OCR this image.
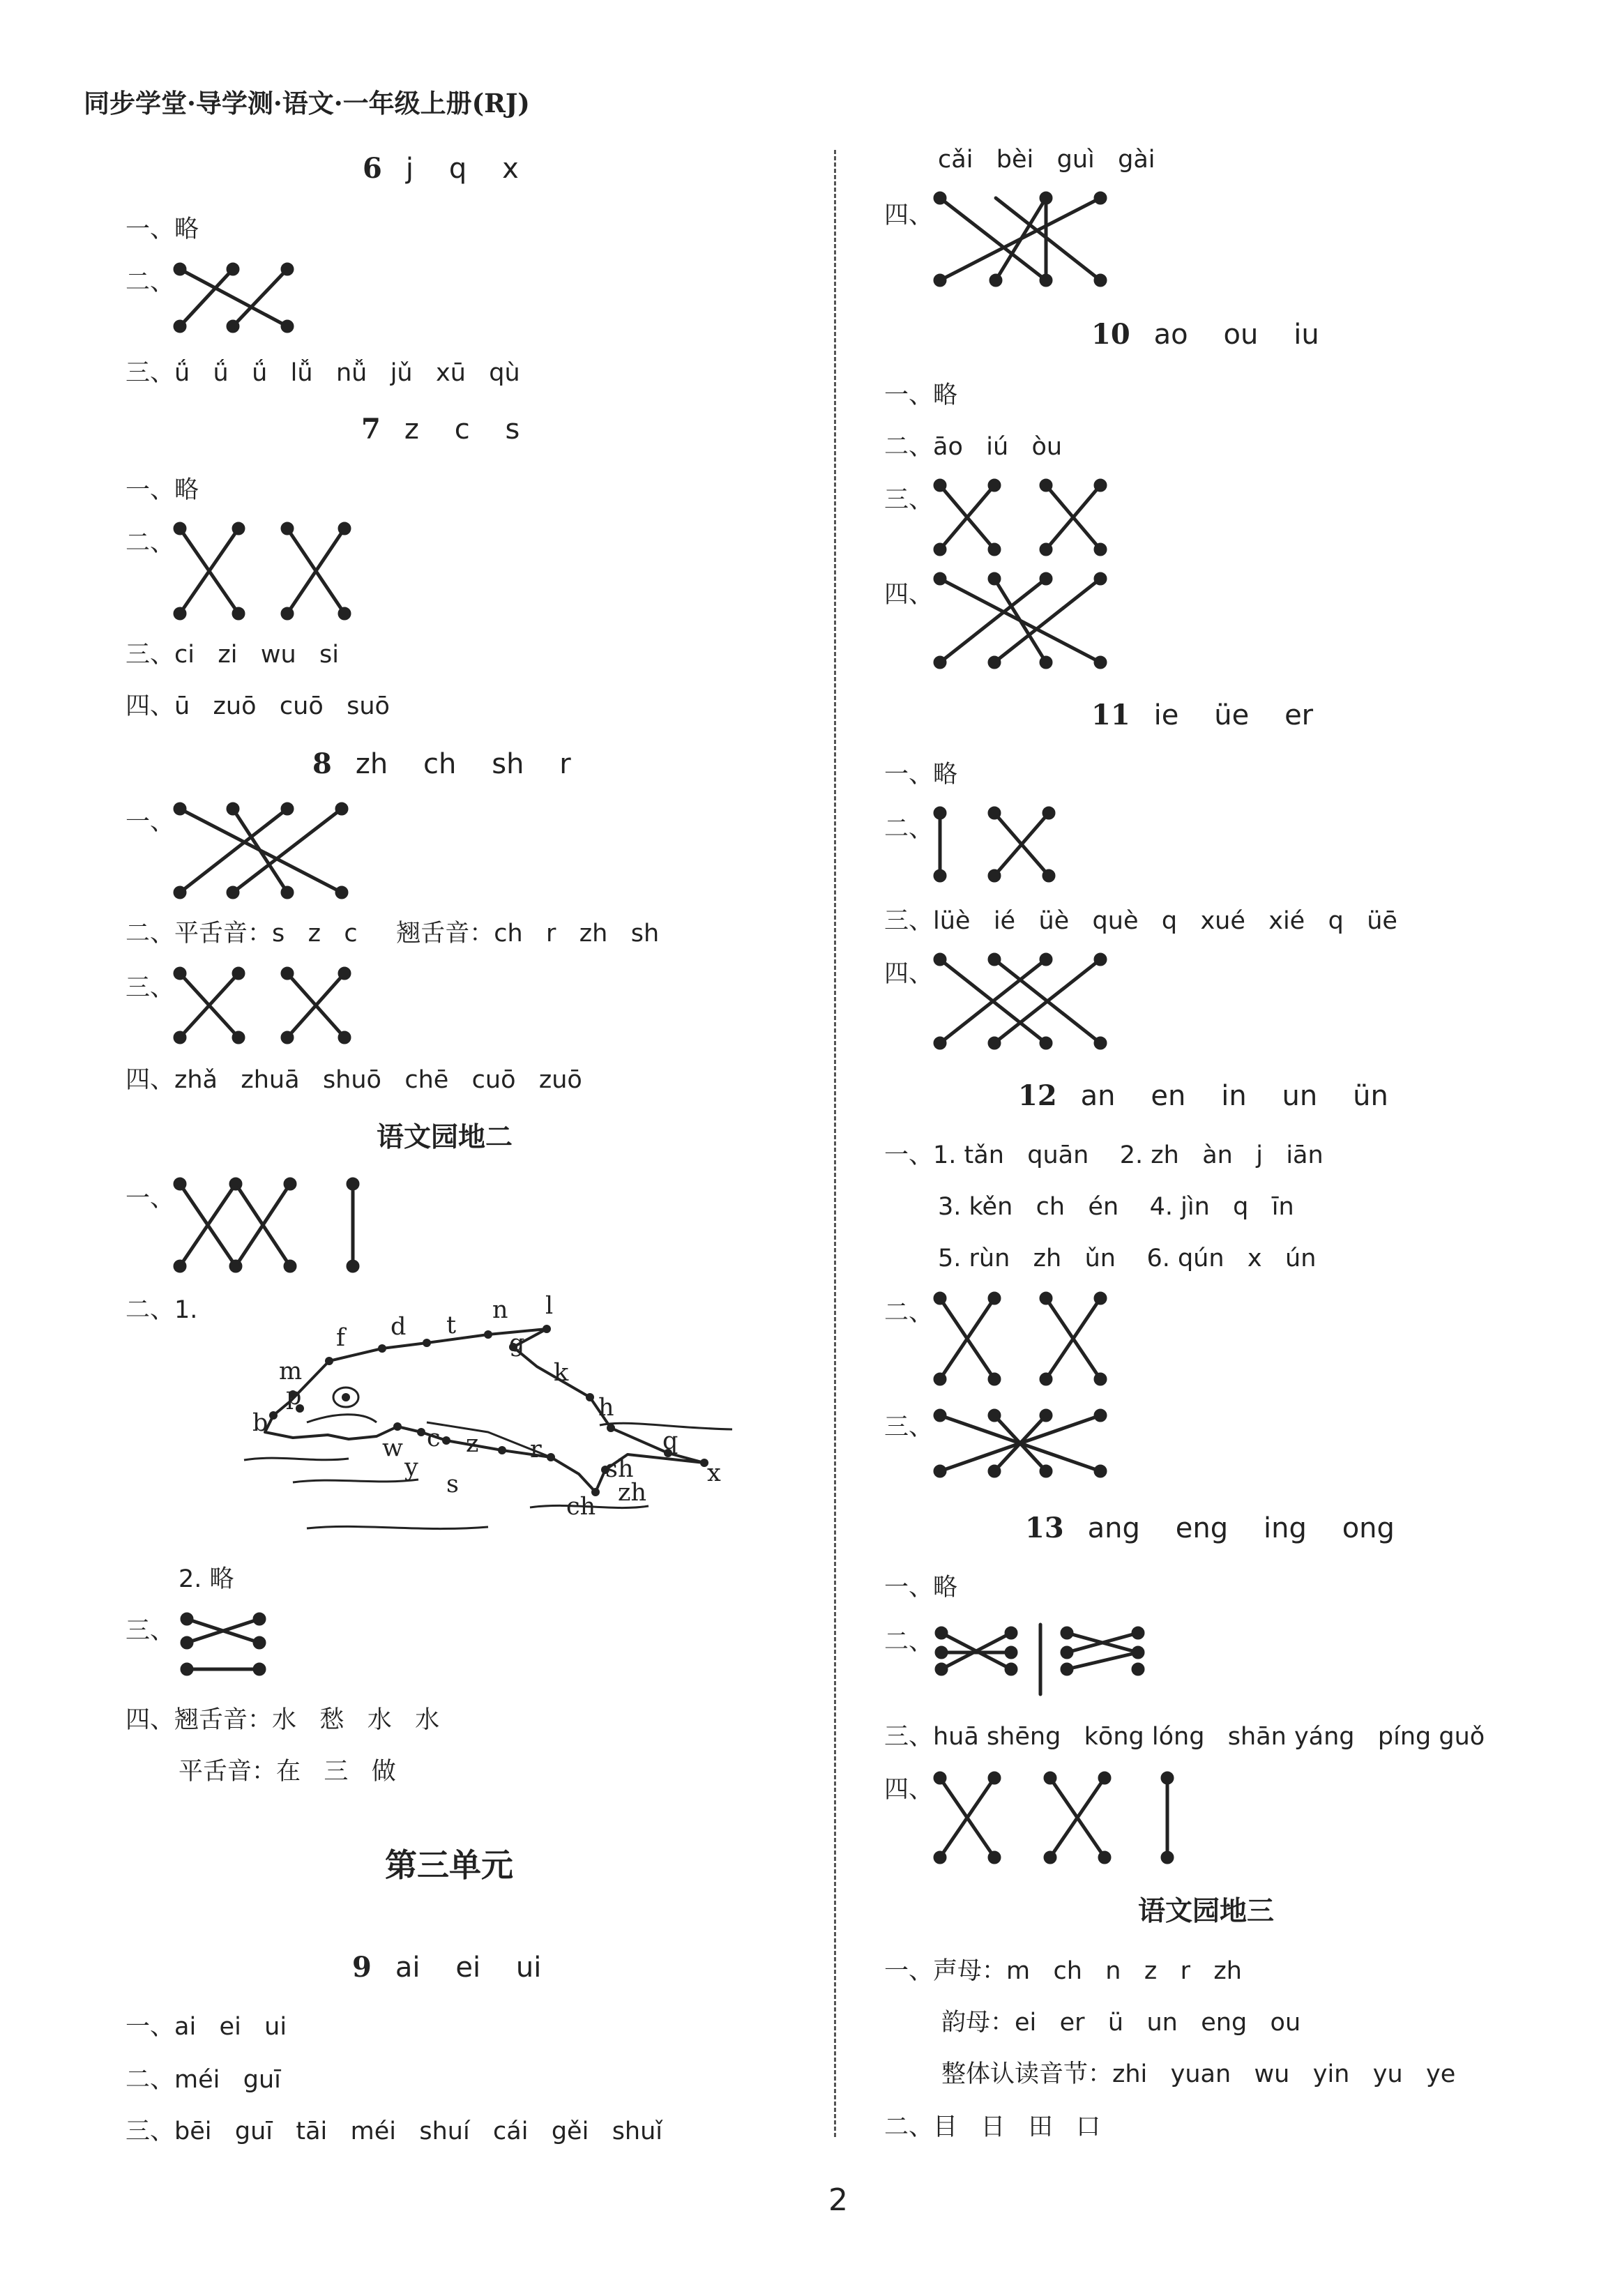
同步学堂·导学测·语文·一年级上册(RJ)
6 j    q    x
一、略
二、
三、ǘ   ǘ   ǘ   lǚ   nǚ   jǔ   xū   qù
7 z    c    s
一、略
二、
三、ci   zi   wu   si
四、ū   zuō   cuō   suō
8 zh    ch    sh    r
一、
二、平舌音：s   z   c     翘舌音：ch   r   zh   sh
三、
四、zhǎ   zhuā   shuō   chē   cuō   zuō
语文园地二
一、
二、1.
2. 略
三、
四、翘舌音：水   愁   水   水
平舌音：在   三   做
第三单元
9 ai    ei    ui
一、ai   ei   ui
二、méi   guī
三、bēi   guī   tāi   méi   shuí   cái   gěi   shuǐ
cǎi   bèi   guì   gài
四、
10 ao    ou    iu
一、略
二、āo   iú   òu
三、
四、
11 ie    üe    er
一、略
二、
三、lüè   ié   üè   què   q   xué   xié   q   üē
四、
12 an    en    in    un    ün
一、1. tǎn   quān    2. zh   àn   j   iān
3. kěn   ch   én    4. jìn   q   īn
5. rùn   zh   ǔn    6. qún   x   ún
二、
三、
13 ang    eng    ing    ong
一、略
二、
三、huā shēng   kōng lóng   shān yáng   píng guǒ
四、
语文园地三
一、声母：m   ch   n   z   r   zh
韵母：ei   er   ü   un   eng   ou
整体认读音节：zhi   yuan   wu   yin   yu   ye
二、目   日   田   口
2
m
f d t
n l
g
k
h
p
b
w
y
c z r
s
sh
q
x
ch zh
